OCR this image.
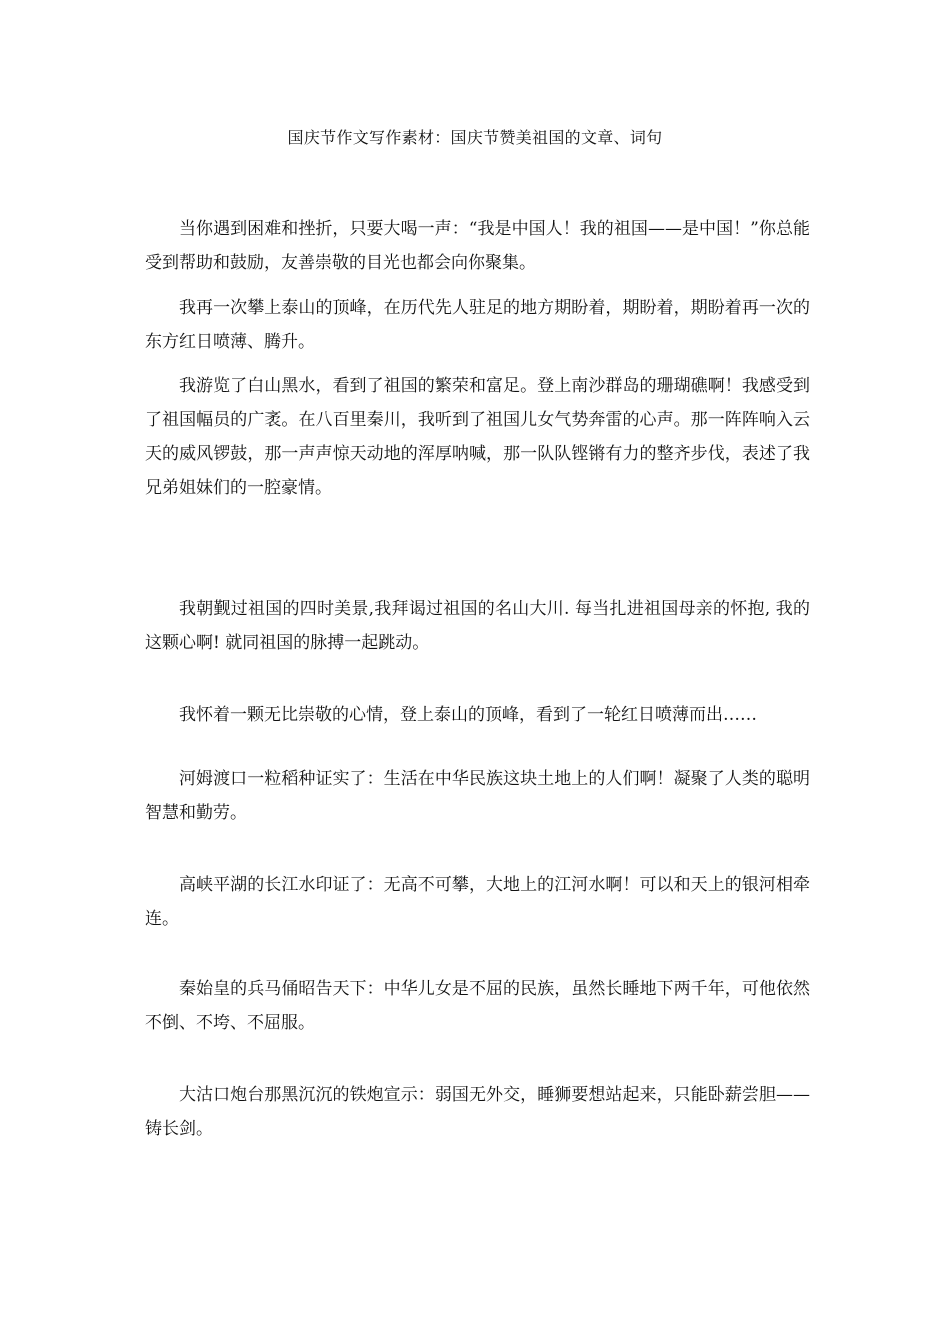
国庆节作文写作素材：国庆节赞美祖国的文章、词句

当你遇到困难和挫折，只要大喝一声：“我是中国人！我的祖国——是中国！”你总能受到帮助和鼓励，友善崇敬的目光也都会向你聚集。

我再一次攀上泰山的顶峰，在历代先人驻足的地方期盼着，期盼着，期盼着再一次的东方红日喷薄、腾升。

我游览了白山黑水，看到了祖国的繁荣和富足。登上南沙群岛的珊瑚礁啊！我感受到了祖国幅员的广袤。在八百里秦川，我听到了祖国儿女气势奔雷的心声。那一阵阵响入云天的威风锣鼓，那一声声惊天动地的浑厚呐喊，那一队队铿锵有力的整齐步伐，表述了我兄弟姐妹们的一腔豪情。

我朝觐过祖国的四时美景,我拜谒过祖国的名山大川. 每当扎进祖国母亲的怀抱, 我的这颗心啊! 就同祖国的脉搏一起跳动。

我怀着一颗无比崇敬的心情，登上泰山的顶峰，看到了一轮红日喷薄而出……

河姆渡口一粒稻种证实了：生活在中华民族这块土地上的人们啊！凝聚了人类的聪明智慧和勤劳。

高峡平湖的长江水印证了：无高不可攀，大地上的江河水啊！可以和天上的银河相牵连。

秦始皇的兵马俑昭告天下：中华儿女是不屈的民族，虽然长睡地下两千年，可他依然不倒、不垮、不屈服。

大沽口炮台那黑沉沉的铁炮宣示：弱国无外交，睡狮要想站起来，只能卧薪尝胆——铸长剑。
